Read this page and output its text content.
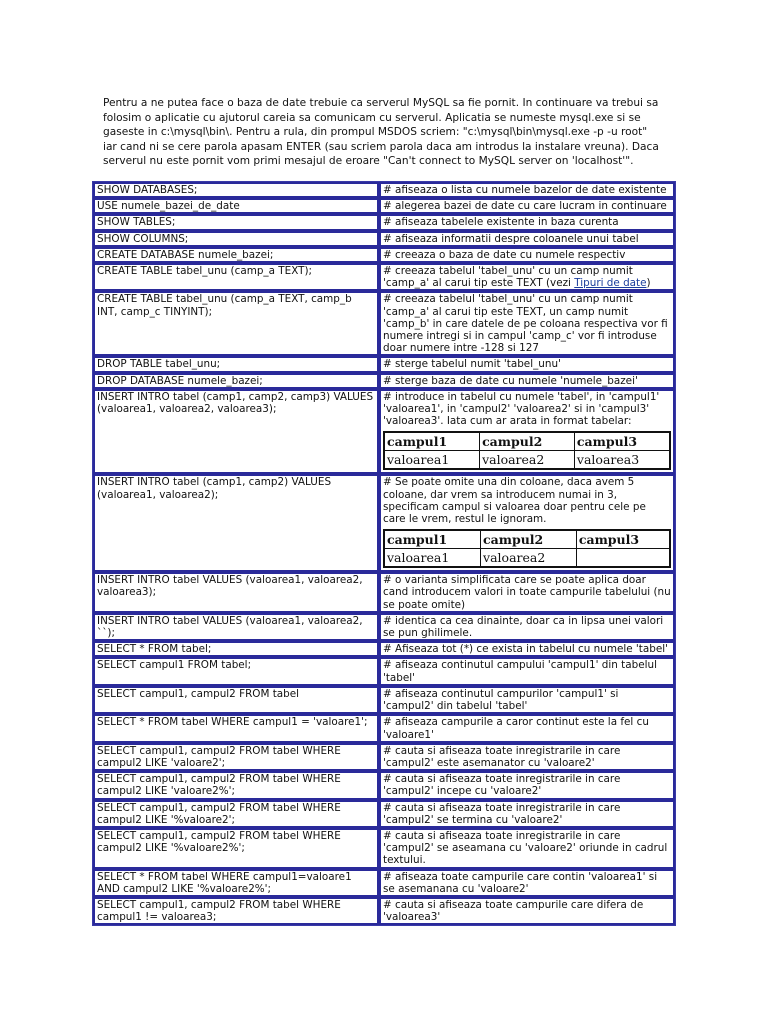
Pentru a ne putea face o baza de date trebuie ca serverul MySQL sa fie pornit. In continuare va trebui sa folosim o aplicatie cu ajutorul careia sa comunicam cu serverul. Aplicatia se numeste mysql.exe si se gaseste in c:\mysql\bin\. Pentru a rula, din prompul MSDOS scriem: "c:\mysql\bin\mysql.exe -p -u root" iar cand ni se cere parola apasam ENTER (sau scriem parola daca am introdus la instalare vreuna). Daca serverul nu este pornit vom primi mesajul de eroare "Can't connect to MySQL server on 'localhost'".

SHOW DATABASES;	# afiseaza o lista cu numele bazelor de date existente
USE numele_bazei_de_date	# alegerea bazei de date cu care lucram in continuare
SHOW TABLES;	# afiseaza tabelele existente in baza curenta
SHOW COLUMNS;	# afiseaza informatii despre coloanele unui tabel
CREATE DATABASE numele_bazei;	# creeaza o baza de date cu numele respectiv
CREATE TABLE tabel_unu (camp_a TEXT);	# creeaza tabelul 'tabel_unu' cu un camp numit 'camp_a' al carui tip este TEXT (vezi Tipuri de date)
CREATE TABLE tabel_unu (camp_a TEXT, camp_b INT, camp_c TINYINT);	# creeaza tabelul 'tabel_unu' cu un camp numit 'camp_a' al carui tip este TEXT, un camp numit 'camp_b' in care datele de pe coloana respectiva vor fi numere intregi si in campul 'camp_c' vor fi introduse doar numere intre -128 si 127
DROP TABLE tabel_unu;	# sterge tabelul numit 'tabel_unu'
DROP DATABASE numele_bazei;	# sterge baza de date cu numele 'numele_bazei'
INSERT INTRO tabel (camp1, camp2, camp3) VALUES (valoarea1, valoarea2, valoarea3);	# introduce in tabelul cu numele 'tabel', in 'campul1' 'valoarea1', in 'campul2' 'valoarea2' si in 'campul3' 'valoarea3'. Iata cum ar arata in format tabelar:
campul1	campul2	campul3
valoarea1	valoarea2	valoarea3

INSERT INTRO tabel (camp1, camp2) VALUES (valoarea1, valoarea2);	# Se poate omite una din coloane, daca avem 5 coloane, dar vrem sa introducem numai in 3, specificam campul si valoarea doar pentru cele pe care le vrem, restul le ignoram.
campul1	campul2	campul3
valoarea1	valoarea2	

INSERT INTRO tabel VALUES (valoarea1, valoarea2, valoarea3);	# o varianta simplificata care se poate aplica doar cand introducem valori in toate campurile tabelului (nu se poate omite)
INSERT INTRO tabel VALUES (valoarea1, valoarea2, ``);	# identica ca cea dinainte, doar ca in lipsa unei valori se pun ghilimele.
SELECT * FROM tabel;	# Afiseaza tot (*) ce exista in tabelul cu numele 'tabel'
SELECT campul1 FROM tabel;	# afiseaza continutul campului 'campul1' din tabelul 'tabel'
SELECT campul1, campul2 FROM tabel	# afiseaza continutul campurilor 'campul1' si 'campul2' din tabelul 'tabel'
SELECT * FROM tabel WHERE campul1 = 'valoare1';	# afiseaza campurile a caror continut este la fel cu 'valoare1'
SELECT campul1, campul2 FROM tabel WHERE campul2 LIKE 'valoare2';	# cauta si afiseaza toate inregistrarile in care 'campul2' este asemanator cu 'valoare2'
SELECT campul1, campul2 FROM tabel WHERE campul2 LIKE 'valoare2%';	# cauta si afiseaza toate inregistrarile in care 'campul2' incepe cu 'valoare2'
SELECT campul1, campul2 FROM tabel WHERE campul2 LIKE '%valoare2';	# cauta si afiseaza toate inregistrarile in care 'campul2' se termina cu 'valoare2'
SELECT campul1, campul2 FROM tabel WHERE campul2 LIKE '%valoare2%';	# cauta si afiseaza toate inregistrarile in care 'campul2' se aseamana cu 'valoare2' oriunde in cadrul textului.
SELECT * FROM tabel WHERE campul1=valoare1 AND campul2 LIKE '%valoare2%';	# afiseaza toate campurile care contin 'valoarea1' si se asemanana cu 'valoare2'
SELECT campul1, campul2 FROM tabel WHERE campul1 != valoarea3;	# cauta si afiseaza toate campurile care difera de 'valoarea3'
